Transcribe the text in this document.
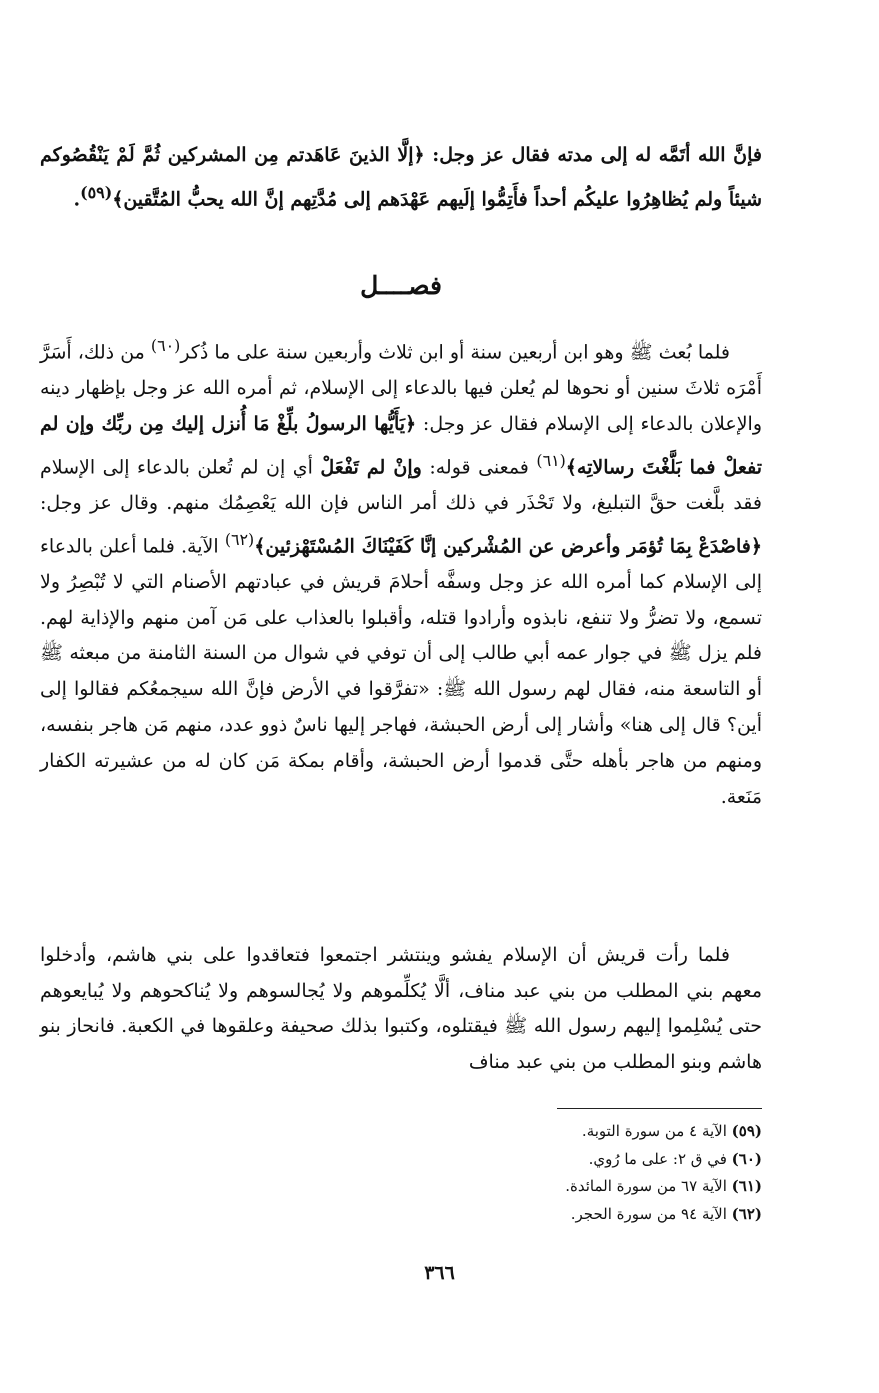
فإنَّ الله أتَمَّه له إلى مدته فقال عز وجل: ﴿إلَّا الذينَ عَاهَدتم مِن المشركين ثُمَّ لَمْ يَنْقُصُوكم شيئاً ولم يُظاهِرُوا عليكُم أحداً فأَتِمُّوا إلَيهم عَهْدَهم إلى مُدَّتِهم إنَّ الله يحبُّ المُتَّقين﴾$^{(٥٩)}$.
فصــــل

فلما بُعث ﷺ وهو ابن أربعين سنة أو ابن ثلاث وأربعين سنة على ما ذُكر$^{(٦٠)}$ من ذلك، أَسَرَّ أَمْرَه ثلاثَ سنين أو نحوها لم يُعلن فيها بالدعاء إلى الإسلام، ثم أمره الله عز وجل بإظهار دينه والإعلان بالدعاء إلى الإسلام فقال عز وجل: ﴿يَأَيُّها الرسولُ بلِّغْ مَا أُنزل إليك مِن ربِّك وإن لم تفعلْ فما بَلَّغْتَ رسالاتِه﴾$^{(٦١)}$ فمعنى قوله: وإنْ لم تَفْعَلْ أي إن لم تُعلن بالدعاء إلى الإسلام فقد بلَّغت حقَّ التبليغ، ولا تَحْذَر في ذلك أمر الناس فإن الله يَعْصِمُك منهم. وقال عز وجل: ﴿فاصْدَعْ بِمَا تُؤمَر وأعرض عن المُشْركين إنَّا كَفَيْنَاكَ المُسْتَهْزئين﴾$^{(٦٢)}$ الآية. فلما أعلن بالدعاء إلى الإسلام كما أمره الله عز وجل وسفَّه أحلامَ قريش في عبادتهم الأصنام التي لا تُبْصِرُ ولا تسمع، ولا تضرُّ ولا تنفع، نابذوه وأرادوا قتله، وأقبلوا بالعذاب على مَن آمن منهم والإذاية لهم. فلم يزل ﷺ في جوار عمه أبي طالب إلى أن توفي في شوال من السنة الثامنة من مبعثه ﷺ أو التاسعة منه، فقال لهم رسول الله ﷺ: «تفرَّقوا في الأرض فإنَّ الله سيجمعُكم فقالوا إلى أين؟ قال إلى هنا» وأشار إلى أرض الحبشة، فهاجر إليها ناسٌ ذوو عدد، منهم مَن هاجر بنفسه، ومنهم من هاجر بأهله حتَّى قدموا أرض الحبشة، وأقام بمكة مَن كان له من عشيرته الكفار مَنَعة.

فلما رأت قريش أن الإسلام يفشو وينتشر اجتمعوا فتعاقدوا على بني هاشم، وأدخلوا معهم بني المطلب من بني عبد مناف، ألَّا يُكلِّموهم ولا يُجالسوهم ولا يُناكحوهم ولا يُبايعوهم حتى يُسْلِموا إليهم رسول الله ﷺ فيقتلوه، وكتبوا بذلك صحيفة وعلقوها في الكعبة. فانحاز بنو هاشم وبنو المطلب من بني عبد مناف

(٥٩) الآية ٤ من سورة التوبة.
(٦٠) في ق ٢: على ما رُوي.
(٦١) الآية ٦٧ من سورة المائدة.
(٦٢) الآية ٩٤ من سورة الحجر.
٣٦٦
